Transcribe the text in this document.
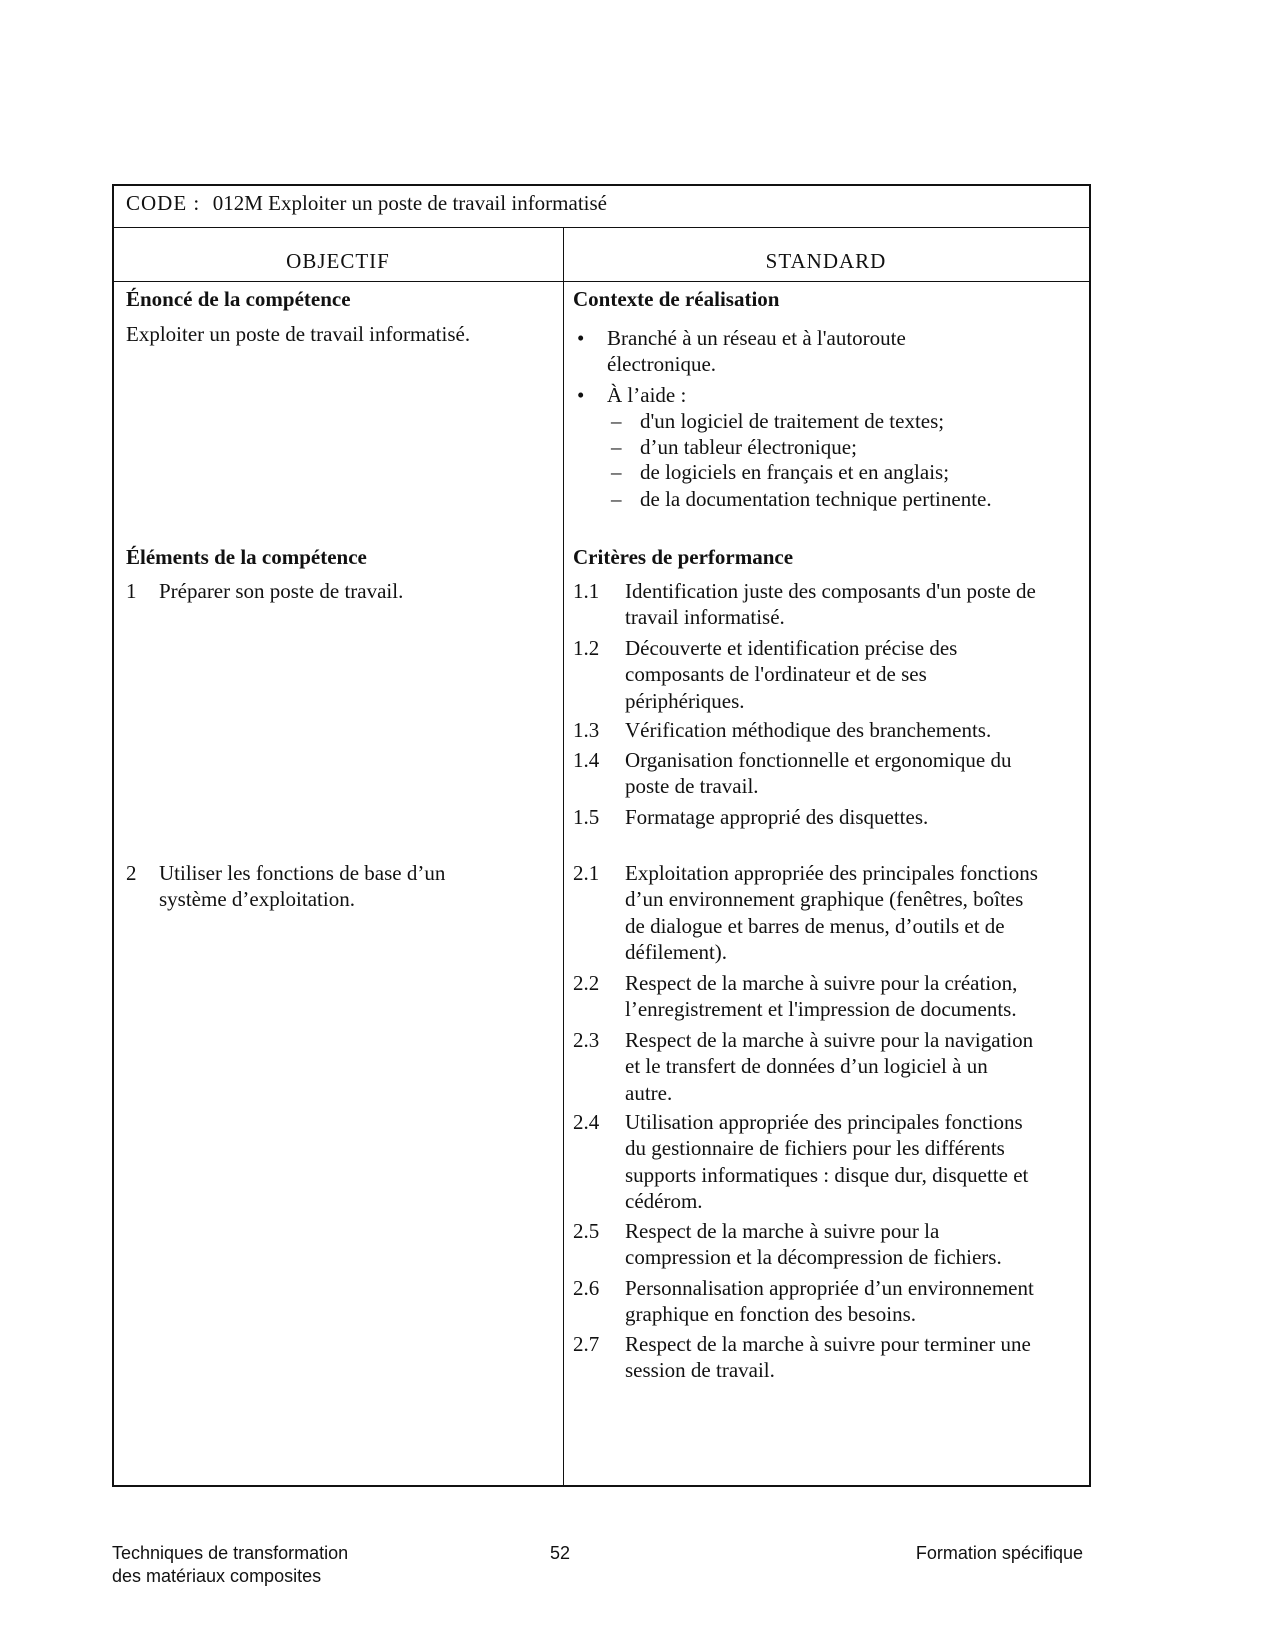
CODE : 012M Exploiter un poste de travail informatisé
OBJECTIF	STANDARD
Énoncé de la compétence
Exploiter un poste de travail informatisé.
Éléments de la compétence
1 Préparer son poste de travail.
2 Utiliser les fonctions de base d’un
système d’exploitation.
Contexte de réalisation
• Branché à un réseau et à l'autoroute
électronique.
• À l’aide :
– d'un logiciel de traitement de textes;
– d’un tableur électronique;
– de logiciels en français et en anglais;
– de la documentation technique pertinente.
Critères de performance
1.1 Identification juste des composants d'un poste de
travail informatisé.
1.2 Découverte et identification précise des
composants de l'ordinateur et de ses
périphériques.
1.3 Vérification méthodique des branchements.
1.4 Organisation fonctionnelle et ergonomique du
poste de travail.
1.5 Formatage approprié des disquettes.
2.1 Exploitation appropriée des principales fonctions
d’un environnement graphique (fenêtres, boîtes
de dialogue et barres de menus, d’outils et de
défilement).
2.2 Respect de la marche à suivre pour la création,
l’enregistrement et l'impression de documents.
2.3 Respect de la marche à suivre pour la navigation
et le transfert de données d’un logiciel à un
autre.
2.4 Utilisation appropriée des principales fonctions
du gestionnaire de fichiers pour les différents
supports informatiques : disque dur, disquette et
cédérom.
2.5 Respect de la marche à suivre pour la
compression et la décompression de fichiers.
2.6 Personnalisation appropriée d’un environnement
graphique en fonction des besoins.
2.7 Respect de la marche à suivre pour terminer une
session de travail.
Techniques de transformation
des matériaux composites
52	Formation spécifique
